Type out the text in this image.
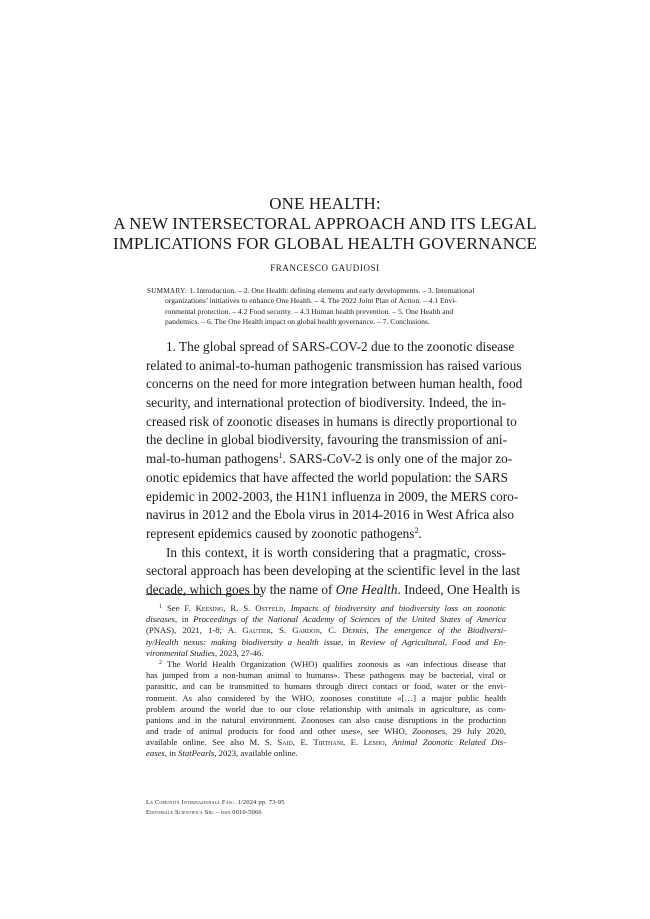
ONE HEALTH:
A NEW INTERSECTORAL APPROACH AND ITS LEGAL
IMPLICATIONS FOR GLOBAL HEALTH GOVERNANCE
FRANCESCO GAUDIOSI
SUMMARY: 1. Introduction. – 2. One Health: defining elements and early developments. – 3. International
organizations’ initiatives to enhance One Health. – 4. The 2022 Joint Plan of Action. – 4.1 Envi-
ronmental protection. – 4.2 Food security. – 4.3 Human health prevention. – 5. One Health and
pandemics. – 6. The One Health impact on global health governance. – 7. Conclusions.
1. The global spread of SARS-COV-2 due to the zoonotic disease
related to animal-to-human pathogenic transmission has raised various
concerns on the need for more integration between human health, food
security, and international protection of biodiversity. Indeed, the in-
creased risk of zoonotic diseases in humans is directly proportional to
the decline in global biodiversity, favouring the transmission of ani-
mal-to-human pathogens$^1$. SARS-CoV-2 is only one of the major zo-
onotic epidemics that have affected the world population: the SARS
epidemic in 2002-2003, the H1N1 influenza in 2009, the MERS coro-
navirus in 2012 and the Ebola virus in 2014-2016 in West Africa also
represent epidemics caused by zoonotic pathogens$^2$.
In this context, it is worth considering that a pragmatic, cross-
sectoral approach has been developing at the scientific level in the last
decade, which goes by the name of One Health. Indeed, One Health is
$^1$ See F. Keesing, R. S. Ostfeld, Impacts of biodiversity and biodiversity loss on zoonotic
diseases, in Proceedings of the National Academy of Sciences of the United States of America
(PNAS), 2021, 1-8; A. Gautier, S. Gardon, C. Dèprés, The emergence of the Biodiversi-
ty/Health nexus: making biodiversity a health issue, in Review of Agricultural, Food and En-
vironmental Studies, 2023, 27-46.
$^2$ The World Health Organization (WHO) qualifies zoonosis as «an infectious disease that
has jumped from a non-human animal to humans». These pathogens may be bacterial, viral or
parasitic, and can be transmitted to humans through direct contact or food, water or the envi-
ronment. As also considered by the WHO, zoonoses constitute «[…] a major public health
problem around the world due to our close relationship with animals in agriculture, as com-
panions and in the natural environment. Zoonoses can also cause disruptions in the production
and trade of animal products for food and other uses», see WHO, Zoonoses, 29 July 2020,
available online. See also M. S. Said, E. Tirthani, E. Lesho, Animal Zoonotic Related Dis-
eases, in StatPearls, 2023, available online.
La Comunità Internazionale Fasc. 1/2024 pp. 73-95
Editoriale Scientifica Srl – issn 0010-5066
